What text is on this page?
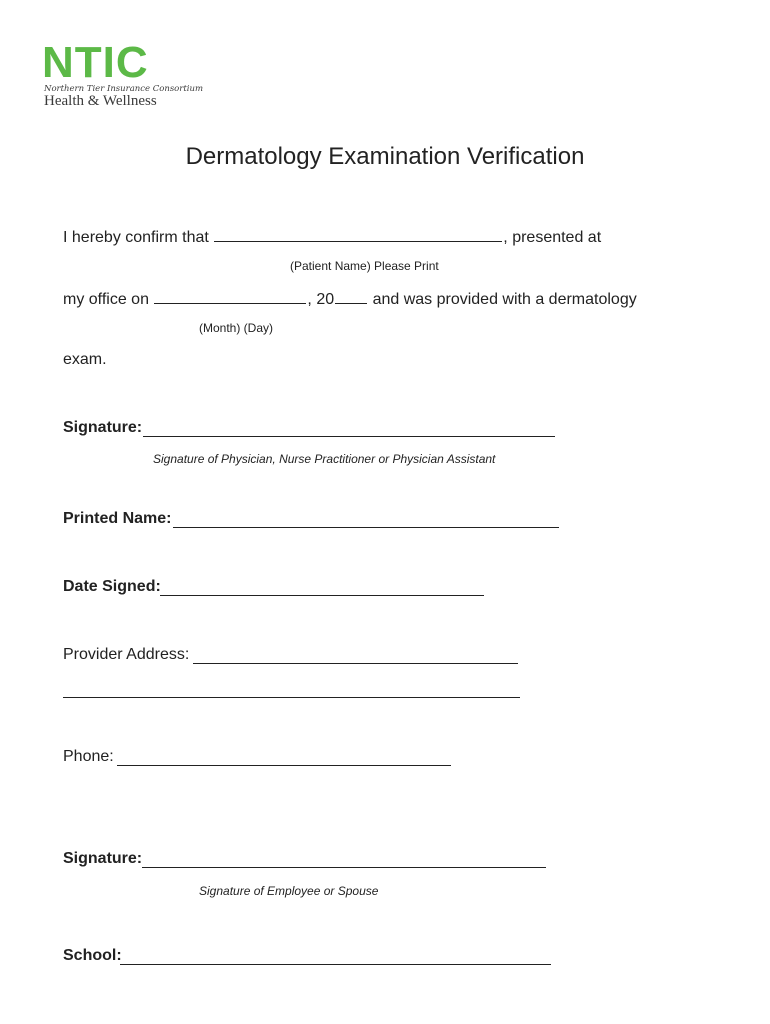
NTIC
Northern Tier Insurance Consortium
Health & Wellness
Dermatology Examination Verification
I hereby confirm that	, presented at
(Patient Name) Please Print
my office on	, 20 and was provided with a dermatology
(Month) (Day)
exam.
Signature:
Signature of Physician, Nurse Practitioner or Physician Assistant
Printed Name:
Date Signed:
Provider Address:
Phone:
Signature:
Signature of Employee or Spouse
School:
